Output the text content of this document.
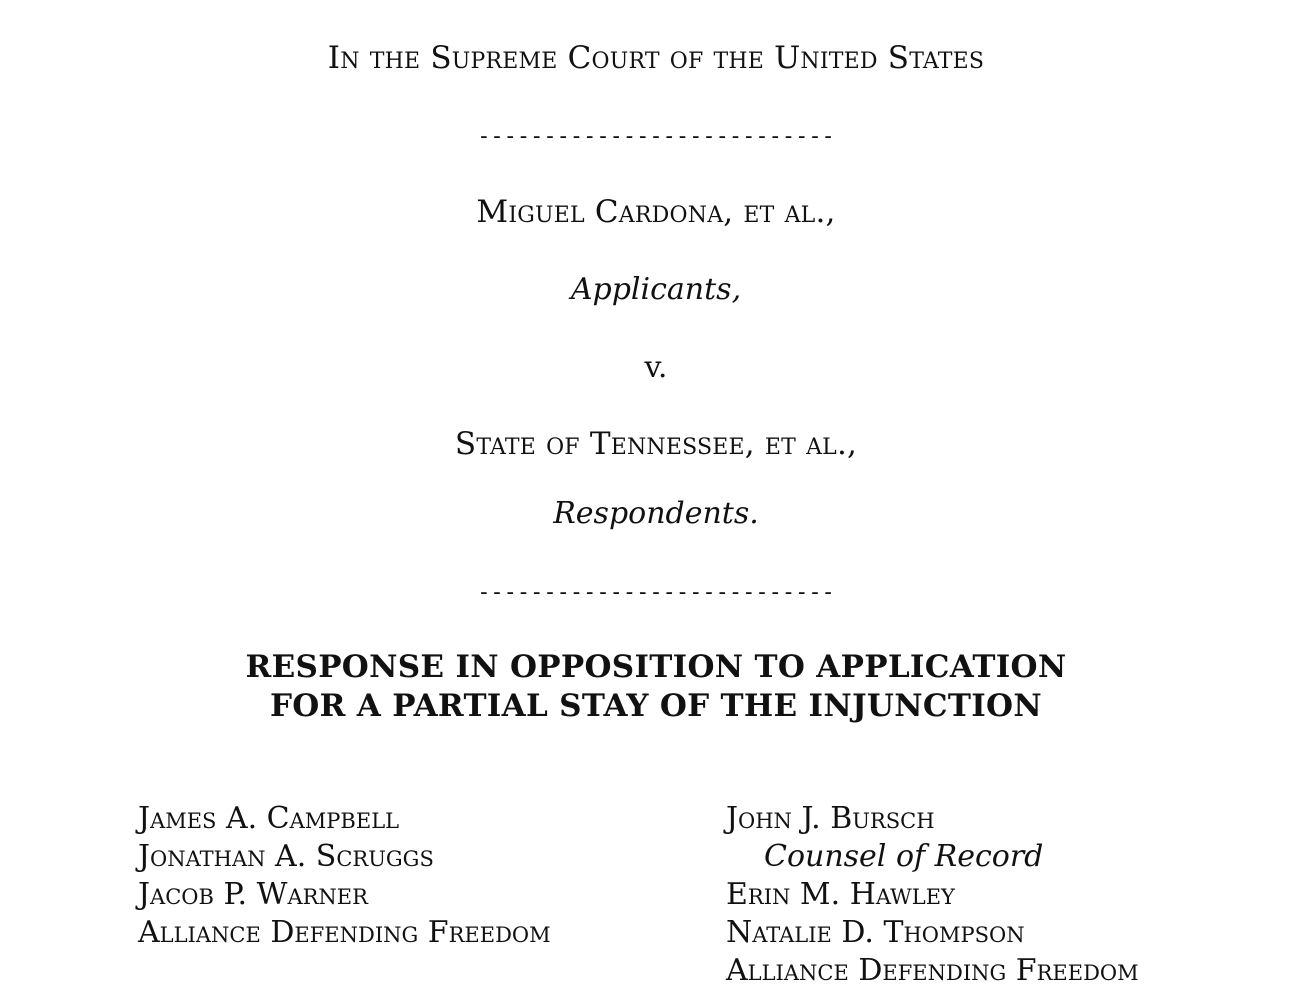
In the Supreme Court of the United States
---------------------------
Miguel Cardona, et al.,
Applicants,
v.
State of Tennessee, et al.,
Respondents.
---------------------------
RESPONSE IN OPPOSITION TO APPLICATION
FOR A PARTIAL STAY OF THE INJUNCTION
James A. Campbell
Jonathan A. Scruggs
Jacob P. Warner
Alliance Defending Freedom
John J. Bursch
Counsel of Record
Erin M. Hawley
Natalie D. Thompson
Alliance Defending Freedom
